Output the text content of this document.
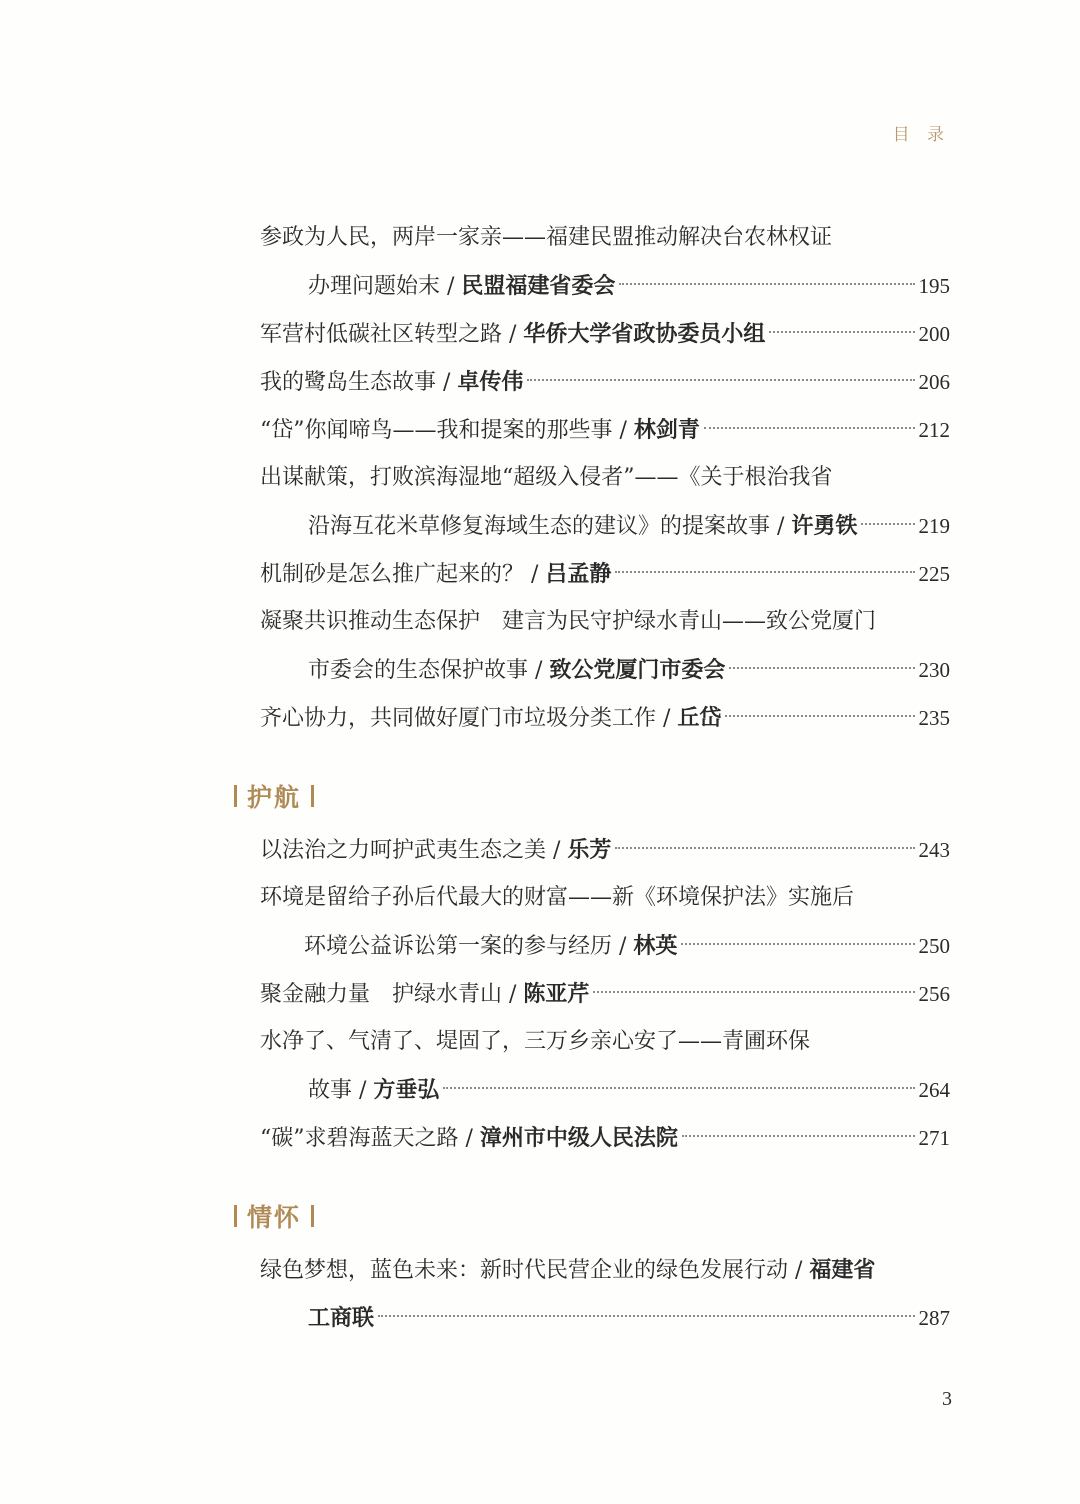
目 录
参政为人民，两岸一家亲——福建民盟推动解决台农林权证
办理问题始末 / 民盟福建省委会	195
军营村低碳社区转型之路 / 华侨大学省政协委员小组	200
我的鹭岛生态故事 / 卓传伟	206
“岱”你闻啼鸟——我和提案的那些事 / 林剑青	212
出谋献策，打败滨海湿地“超级入侵者”——《关于根治我省
沿海互花米草修复海域生态的建议》的提案故事 / 许勇铁	219
机制砂是怎么推广起来的？ / 吕孟静	225
凝聚共识推动生态保护　建言为民守护绿水青山——致公党厦门
市委会的生态保护故事 / 致公党厦门市委会	230
齐心协力，共同做好厦门市垃圾分类工作 / 丘岱	235
护航
以法治之力呵护武夷生态之美 / 乐芳	243
环境是留给子孙后代最大的财富——新《环境保护法》实施后
环境公益诉讼第一案的参与经历 / 林英	250
聚金融力量　护绿水青山 / 陈亚芹	256
水净了、气清了、堤固了，三万乡亲心安了——青圃环保
故事 / 方垂弘	264
“碳”求碧海蓝天之路 / 漳州市中级人民法院	271
情怀
绿色梦想，蓝色未来：新时代民营企业的绿色发展行动 / 福建省
工商联	287
3
